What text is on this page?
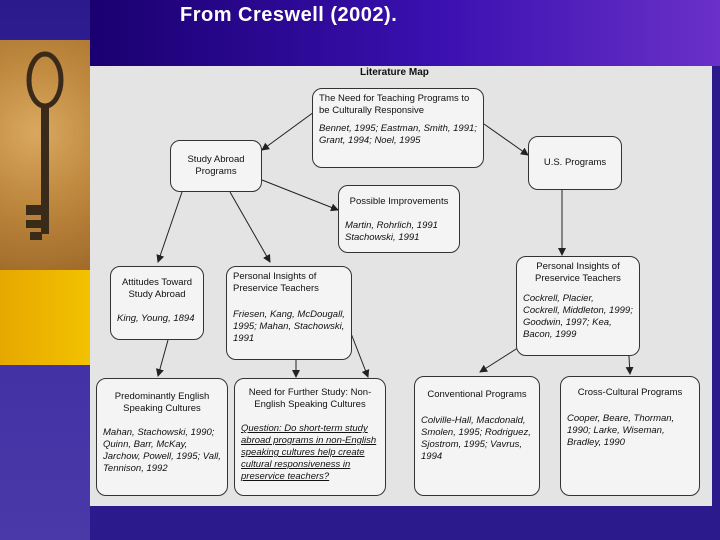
From Creswell (2002).
Literature Map
The Need for Teaching Programs to be Culturally Responsive
Bennet, 1995; Eastman, Smith, 1991; Grant, 1994; Noel, 1995
Study Abroad Programs
U.S. Programs
Possible Improvements
Martin, Rohrlich, 1991 Stachowski, 1991
Attitudes Toward Study Abroad
King, Young, 1894
Personal Insights of Preservice Teachers
Friesen, Kang, McDougall, 1995; Mahan, Stachowski, 1991
Personal Insights of Preservice Teachers
Cockrell, Placier, Cockrell, Middleton, 1999; Goodwin, 1997; Kea, Bacon, 1999
Predominantly English Speaking Cultures
Mahan, Stachowski, 1990; Quinn, Barr, McKay, Jarchow, Powell, 1995; Vall, Tennison, 1992
Need for Further Study: Non-English Speaking Cultures
Question: Do short-term study abroad programs in non-English speaking cultures help create cultural responsiveness in preservice teachers?
Conventional Programs
Colville-Hall, Macdonald, Smolen, 1995; Rodriguez, Sjostrom, 1995; Vavrus, 1994
Cross-Cultural Programs
Cooper, Beare, Thorman, 1990; Larke, Wiseman, Bradley, 1990
